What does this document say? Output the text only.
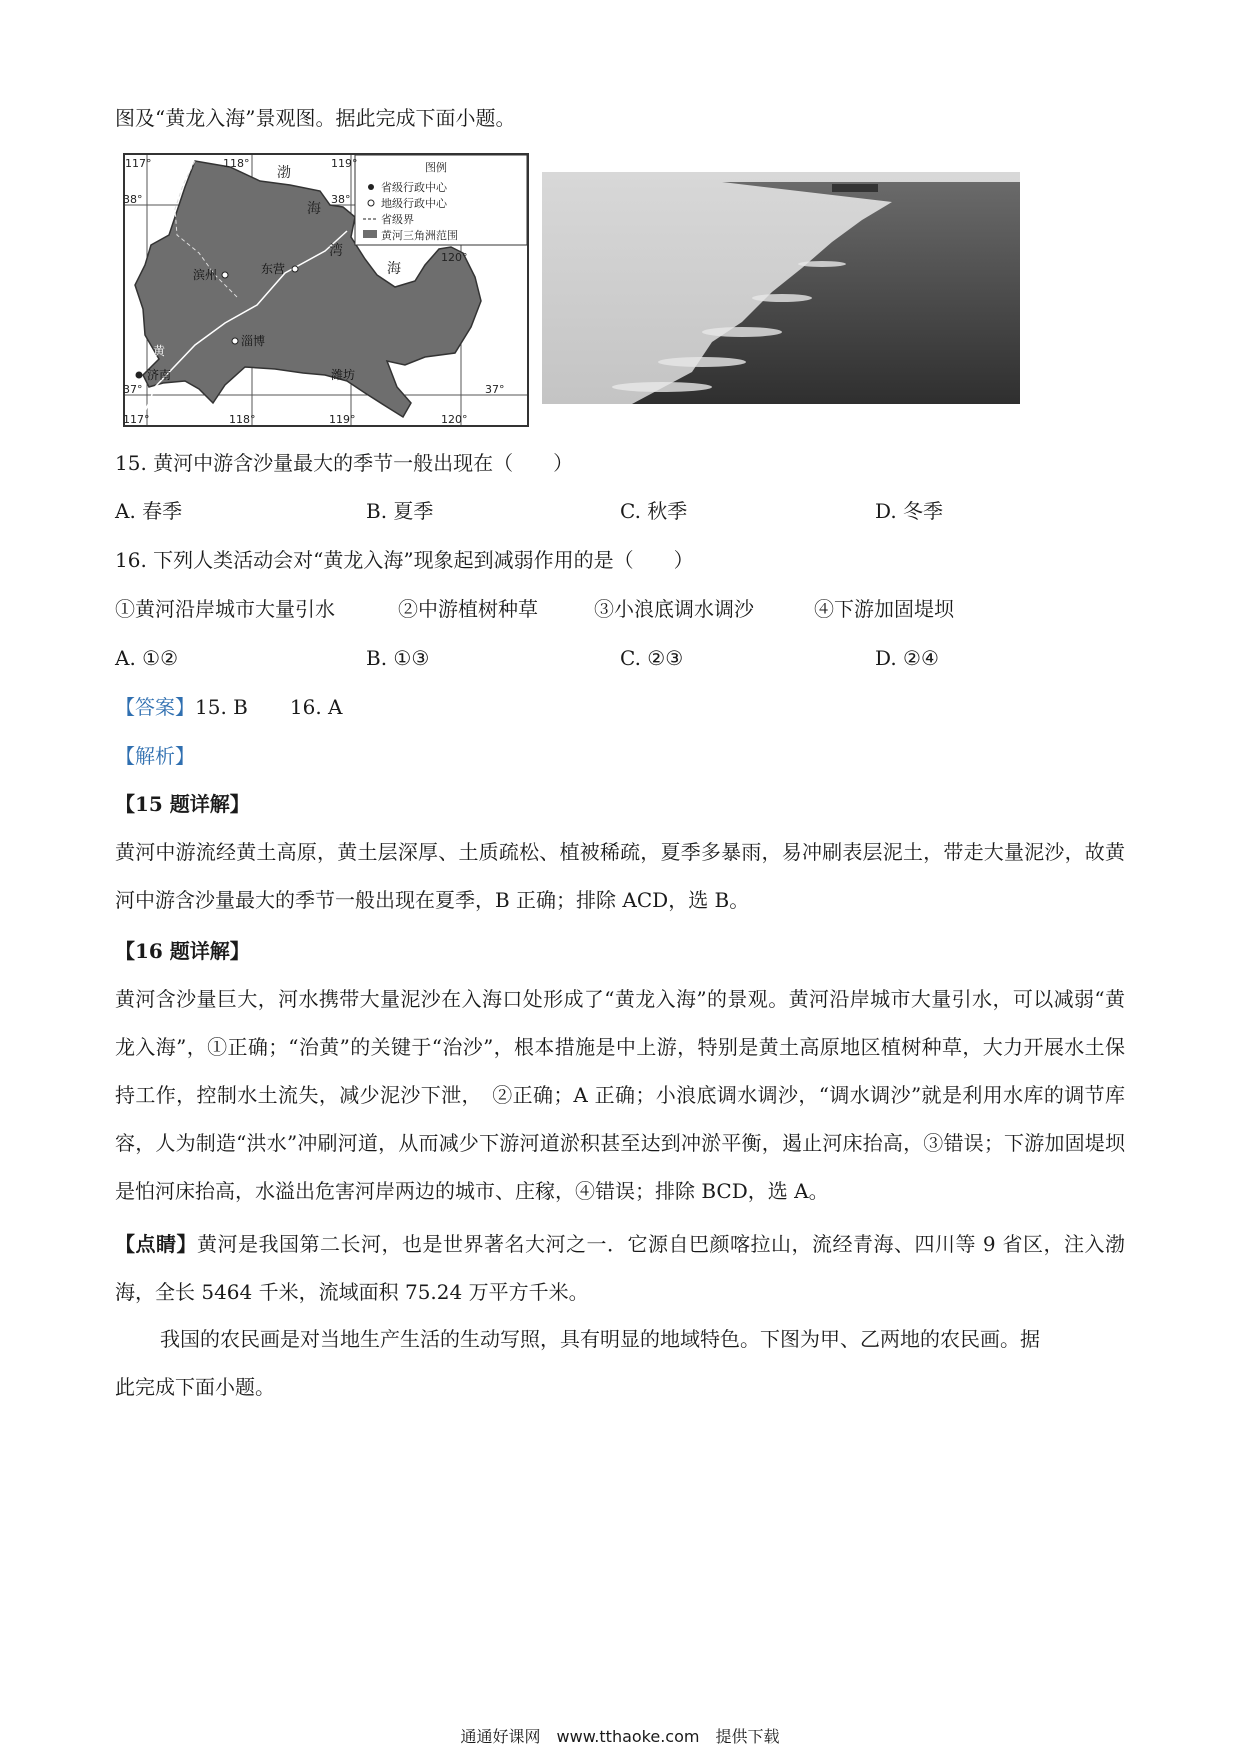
图及“黄龙入海”景观图。据此完成下面小题。
图例
省级行政中心
地级行政中心
省级界
黄河三角洲范围
117°	118°	119°
38°	38°
120°
37°	37°
117°	118°	119°	120°
渤
海
湾
海
滨州	东营
淄博
潍坊
济南
黄
15. 黄河中游含沙量最大的季节一般出现在（　　）
A. 春季	B. 夏季	C. 秋季	D. 冬季
16. 下列人类活动会对“黄龙入海”现象起到减弱作用的是（　　）
①黄河沿岸城市大量引水	②中游植树种草	③小浪底调水调沙	④下游加固堤坝
A. ①②	B. ①③	C. ②③	D. ②④
【答案】15. B 16. A
【解析】
【15 题详解】
黄河中游流经黄土高原，黄土层深厚、土质疏松、植被稀疏，夏季多暴雨，易冲刷表层泥土，带走大量泥沙，故黄河中游含沙量最大的季节一般出现在夏季，B 正确；排除 ACD，选 B。
【16 题详解】
黄河含沙量巨大，河水携带大量泥沙在入海口处形成了“黄龙入海”的景观。黄河沿岸城市大量引水，可以减弱“黄龙入海”，①正确；“治黄”的关键于“治沙”，根本措施是中上游，特别是黄土高原地区植树种草，大力开展水土保持工作，控制水土流失，减少泥沙下泄，　②正确；A 正确；小浪底调水调沙，“调水调沙”就是利用水库的调节库容，人为制造“洪水”冲刷河道，从而减少下游河道淤积甚至达到冲淤平衡，遏止河床抬高，③错误；下游加固堤坝是怕河床抬高，水溢出危害河岸两边的城市、庄稼，④错误；排除 BCD，选 A。
【点睛】黄河是我国第二长河，也是世界著名大河之一．它源自巴颜喀拉山，流经青海、四川等 9 省区，注入渤海，全长 5464 千米，流域面积 75.24 万平方千米。
我国的农民画是对当地生产生活的生动写照，具有明显的地域特色。下图为甲、乙两地的农民画。据
此完成下面小题。
通通好课网　www.tthaoke.com　提供下载
